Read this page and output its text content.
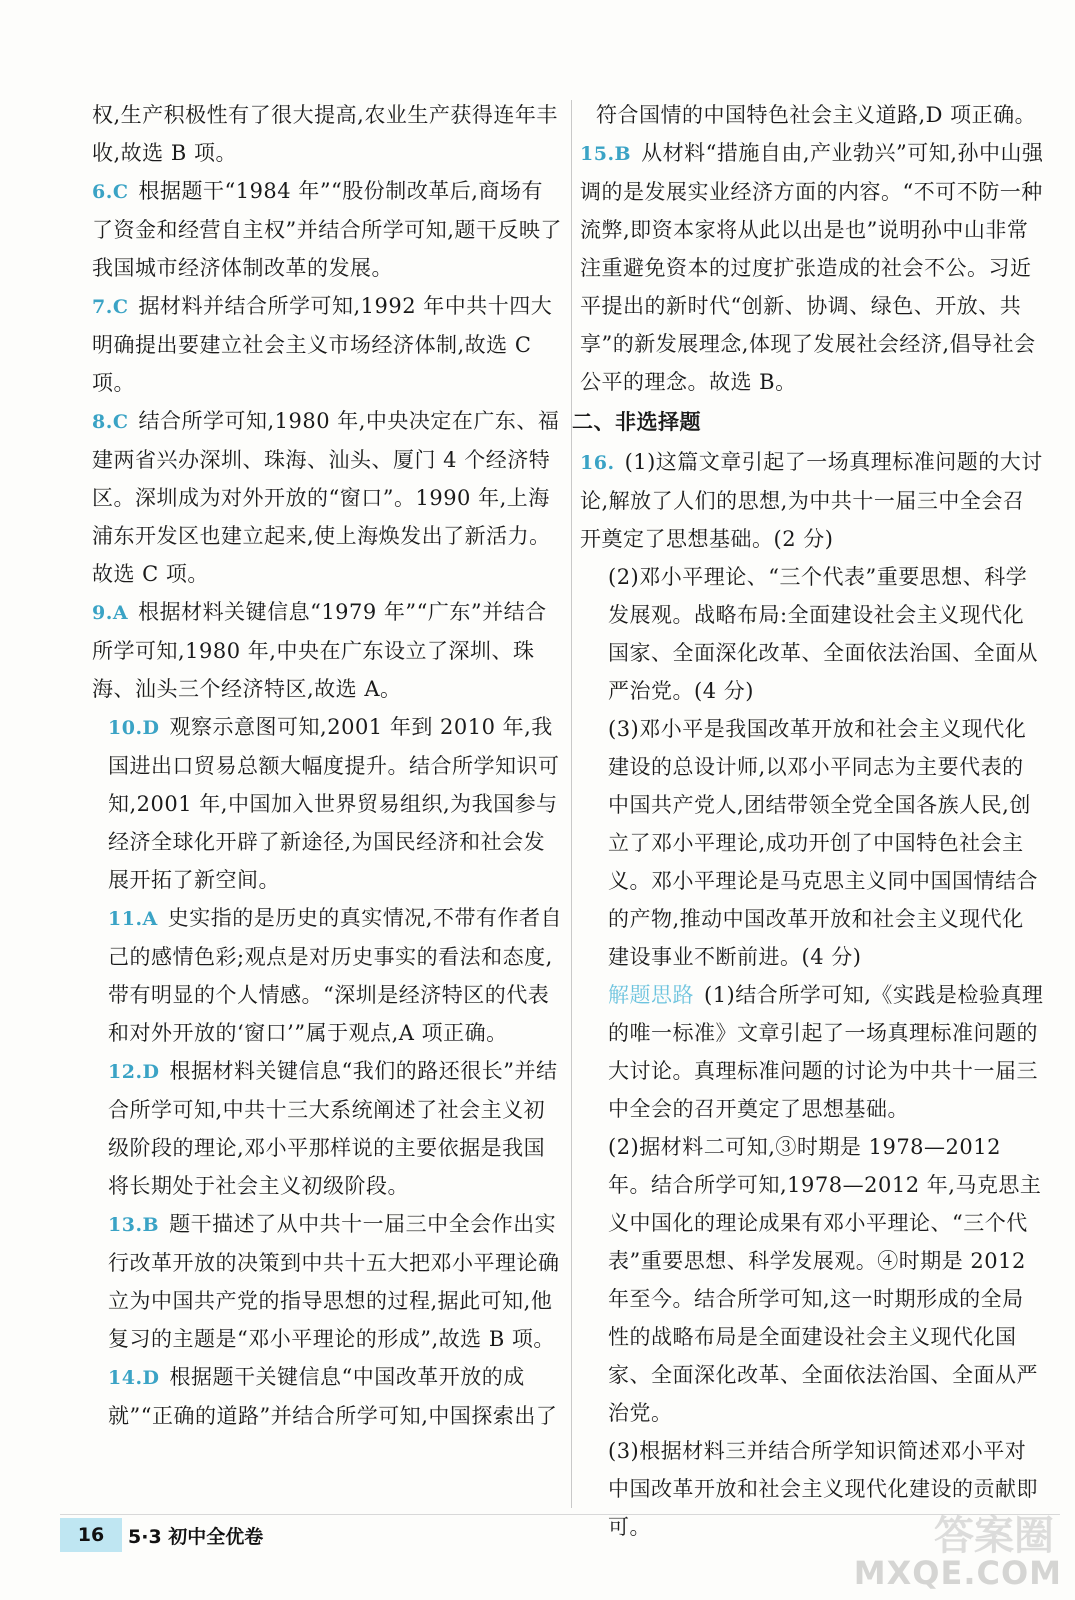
权,生产积极性有了很大提高,农业生产获得连年丰收,故选 B 项。

6.C 根据题干“1984 年”“股份制改革后,商场有了资金和经营自主权”并结合所学可知,题干反映了我国城市经济体制改革的发展。

7.C 据材料并结合所学可知,1992 年中共十四大明确提出要建立社会主义市场经济体制,故选 C 项。

8.C 结合所学可知,1980 年,中央决定在广东、福建两省兴办深圳、珠海、汕头、厦门 4 个经济特区。深圳成为对外开放的“窗口”。1990 年,上海浦东开发区也建立起来,使上海焕发出了新活力。故选 C 项。

9.A 根据材料关键信息“1979 年”“广东”并结合所学可知,1980 年,中央在广东设立了深圳、珠海、汕头三个经济特区,故选 A。

10.D 观察示意图可知,2001 年到 2010 年,我国进出口贸易总额大幅度提升。结合所学知识可知,2001 年,中国加入世界贸易组织,为我国参与经济全球化开辟了新途径,为国民经济和社会发展开拓了新空间。

11.A 史实指的是历史的真实情况,不带有作者自己的感情色彩;观点是对历史事实的看法和态度,带有明显的个人情感。“深圳是经济特区的代表和对外开放的‘窗口’”属于观点,A 项正确。

12.D 根据材料关键信息“我们的路还很长”并结合所学可知,中共十三大系统阐述了社会主义初级阶段的理论,邓小平那样说的主要依据是我国将长期处于社会主义初级阶段。

13.B 题干描述了从中共十一届三中全会作出实行改革开放的决策到中共十五大把邓小平理论确立为中国共产党的指导思想的过程,据此可知,他复习的主题是“邓小平理论的形成”,故选 B 项。

14.D 根据题干关键信息“中国改革开放的成就”“正确的道路”并结合所学可知,中国探索出了

符合国情的中国特色社会主义道路,D 项正确。

15.B 从材料“措施自由,产业勃兴”可知,孙中山强调的是发展实业经济方面的内容。“不可不防一种流弊,即资本家将从此以出是也”说明孙中山非常注重避免资本的过度扩张造成的社会不公。习近平提出的新时代“创新、协调、绿色、开放、共享”的新发展理念,体现了发展社会经济,倡导社会公平的理念。故选 B。

二、非选择题

16. (1)这篇文章引起了一场真理标准问题的大讨论,解放了人们的思想,为中共十一届三中全会召开奠定了思想基础。(2 分)

(2)邓小平理论、“三个代表”重要思想、科学发展观。战略布局:全面建设社会主义现代化国家、全面深化改革、全面依法治国、全面从严治党。(4 分)

(3)邓小平是我国改革开放和社会主义现代化建设的总设计师,以邓小平同志为主要代表的中国共产党人,团结带领全党全国各族人民,创立了邓小平理论,成功开创了中国特色社会主义。邓小平理论是马克思主义同中国国情结合的产物,推动中国改革开放和社会主义现代化建设事业不断前进。(4 分)

解题思路 (1)结合所学可知,《实践是检验真理的唯一标准》文章引起了一场真理标准问题的大讨论。真理标准问题的讨论为中共十一届三中全会的召开奠定了思想基础。

(2)据材料二可知,③时期是 1978—2012 年。结合所学可知,1978—2012 年,马克思主义中国化的理论成果有邓小平理论、“三个代表”重要思想、科学发展观。④时期是 2012 年至今。结合所学可知,这一时期形成的全局性的战略布局是全面建设社会主义现代化国家、全面深化改革、全面依法治国、全面从严治党。

(3)根据材料三并结合所学知识简述邓小平对中国改革开放和社会主义现代化建设的贡献即可。

16	5·3 初中全优卷	答案圈
MXQE.COM
